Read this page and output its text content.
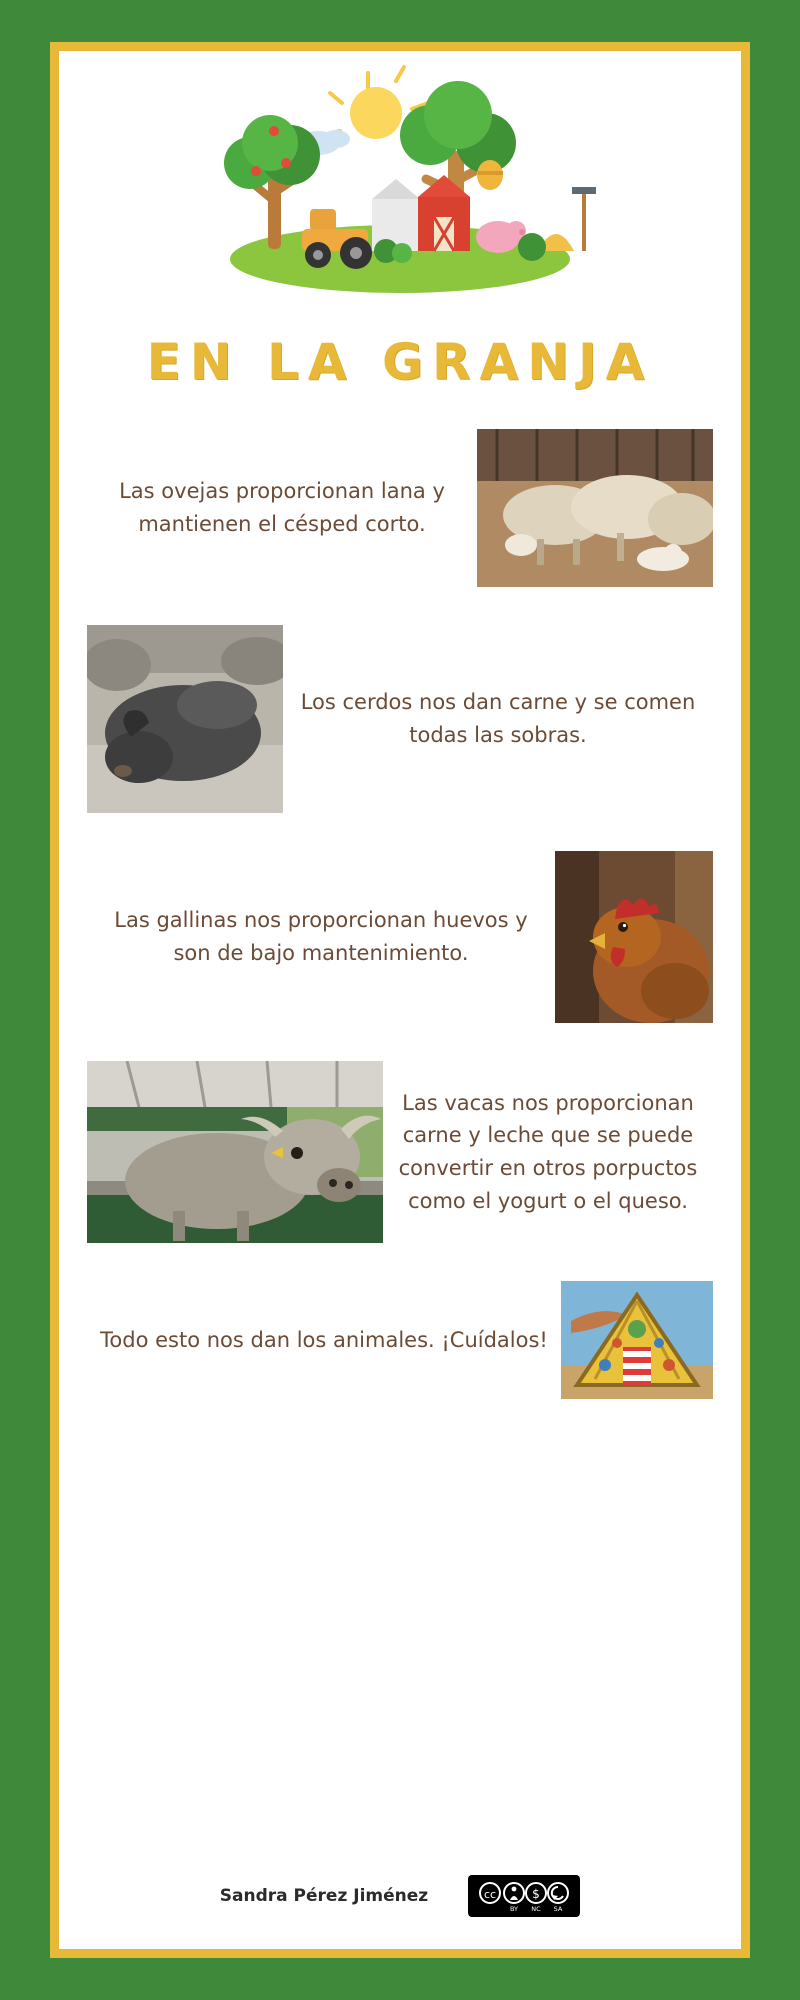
EN LA GRANJA
Las ovejas proporcionan lana y mantienen el césped corto.
Los cerdos nos dan carne y se comen todas las sobras.
Las gallinas nos proporcionan huevos y son de bajo mantenimiento.
Las vacas nos proporcionan carne y leche que se puede convertir en otros porpuctos como el yogurt o el queso.
Todo esto nos dan los animales. ¡Cuídalos!
Sandra Pérez Jiménez	cc	$
BY NC SA
